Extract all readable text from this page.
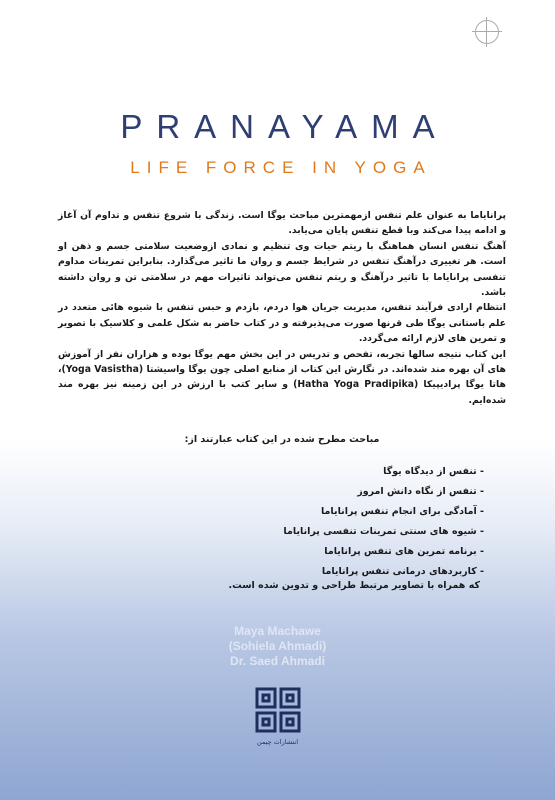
PRANAYAMA
LIFE FORCE IN YOGA

پرانایاما به عنوان علم تنفس ازمهمترین مباحث یوگا است. زندگی با شروع تنفس و تداوم آن آغاز و ادامه پیدا می‌کند وبا قطع تنفس پایان می‌یابد.

آهنگ تنفس انسان هماهنگ با ریتم حیات وی تنظیم و نمادی ازوضعیت سلامتی جسم و ذهن او است. هر تغییری درآهنگ تنفس در شرایط جسم و روان ما تاثیر می‌گذارد. بنابراین تمرینات مداوم تنفسی پرانایاما با تاثیر درآهنگ و ریتم تنفس می‌تواند تاثیرات مهم در سلامتی تن و روان داشته باشد.

انتظام ارادی فرآیند تنفس، مدیریت جریان هوا دردم، بازدم و حبس تنفس با شیوه هائی متعدد در علم باستانی یوگا طی قرنها صورت می‌پذیرفته و در کتاب حاضر به شکل علمی و کلاسیک با تصویر و تمرین های لازم ارائه می‌گردد.

این کتاب نتیجه سالها تجربه، تفحص و تدریس در این بخش مهم یوگا بوده و هزاران نفر از آموزش های آن بهره مند شده‌اند. در نگارش این کتاب از منابع اصلی چون یوگا واسیشتا (Yoga Vasistha)، هاتا یوگا پرادیپیکا (Hatha Yoga Pradipika) و سایر کتب با ارزش در این زمینه نیز بهره مند شده‌ایم.

مباحث مطرح شده در این کتاب عبارتند از:
- تنفس از دیدگاه یوگا
- تنفس از نگاه دانش امروز
- آمادگی برای انجام تنفس پرانایاما
- شیوه های سنتی تمرینات تنفسی پرانایاما
- برنامه تمرین های تنفس پرانایاما
- کاربردهای درمانی تنفس پرانایاما
که همراه با تصاویر مرتبط طراحی و تدوین شده است.
Maya Machawe
(Sohiela Ahmadi)
Dr. Saed Ahmadi
انتشارات چیمن
